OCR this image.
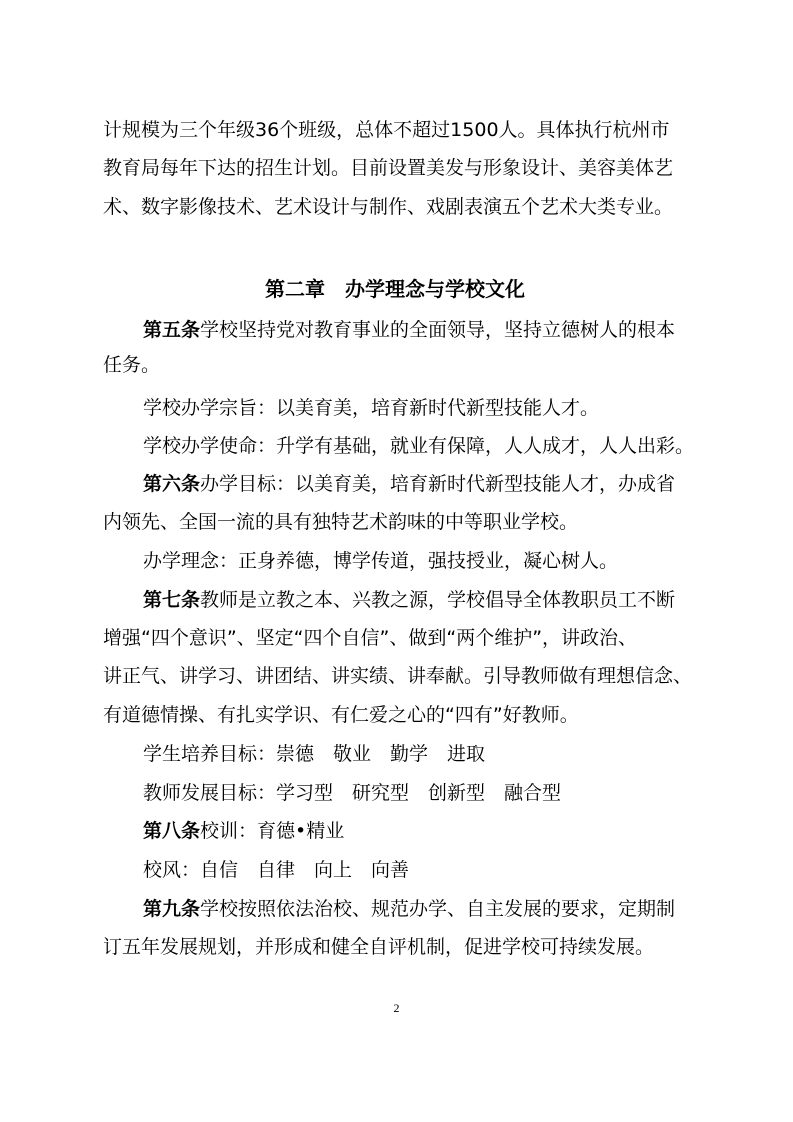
计规模为三个年级36个班级，总体不超过1500人。具体执行杭州市
教育局每年下达的招生计划。目前设置美发与形象设计、美容美体艺
术、数字影像技术、艺术设计与制作、戏剧表演五个艺术大类专业。
第二章　办学理念与学校文化
第五条学校坚持党对教育事业的全面领导，坚持立德树人的根本
任务。
学校办学宗旨：以美育美，培育新时代新型技能人才。
学校办学使命：升学有基础，就业有保障，人人成才，人人出彩。
第六条办学目标：以美育美，培育新时代新型技能人才，办成省
内领先、全国一流的具有独特艺术韵味的中等职业学校。
办学理念：正身养德，博学传道，强技授业，凝心树人。
第七条教师是立教之本、兴教之源，学校倡导全体教职员工不断
增强“四个意识”、坚定“四个自信”、做到“两个维护”，讲政治、
讲正气、讲学习、讲团结、讲实绩、讲奉献。引导教师做有理想信念、
有道德情操、有扎实学识、有仁爱之心的“四有”好教师。
学生培养目标：崇德　敬业　勤学　进取
教师发展目标：学习型　研究型　创新型　融合型
第八条校训：育德•精业
校风：自信　自律　向上　向善
第九条学校按照依法治校、规范办学、自主发展的要求，定期制
订五年发展规划，并形成和健全自评机制，促进学校可持续发展。
2
